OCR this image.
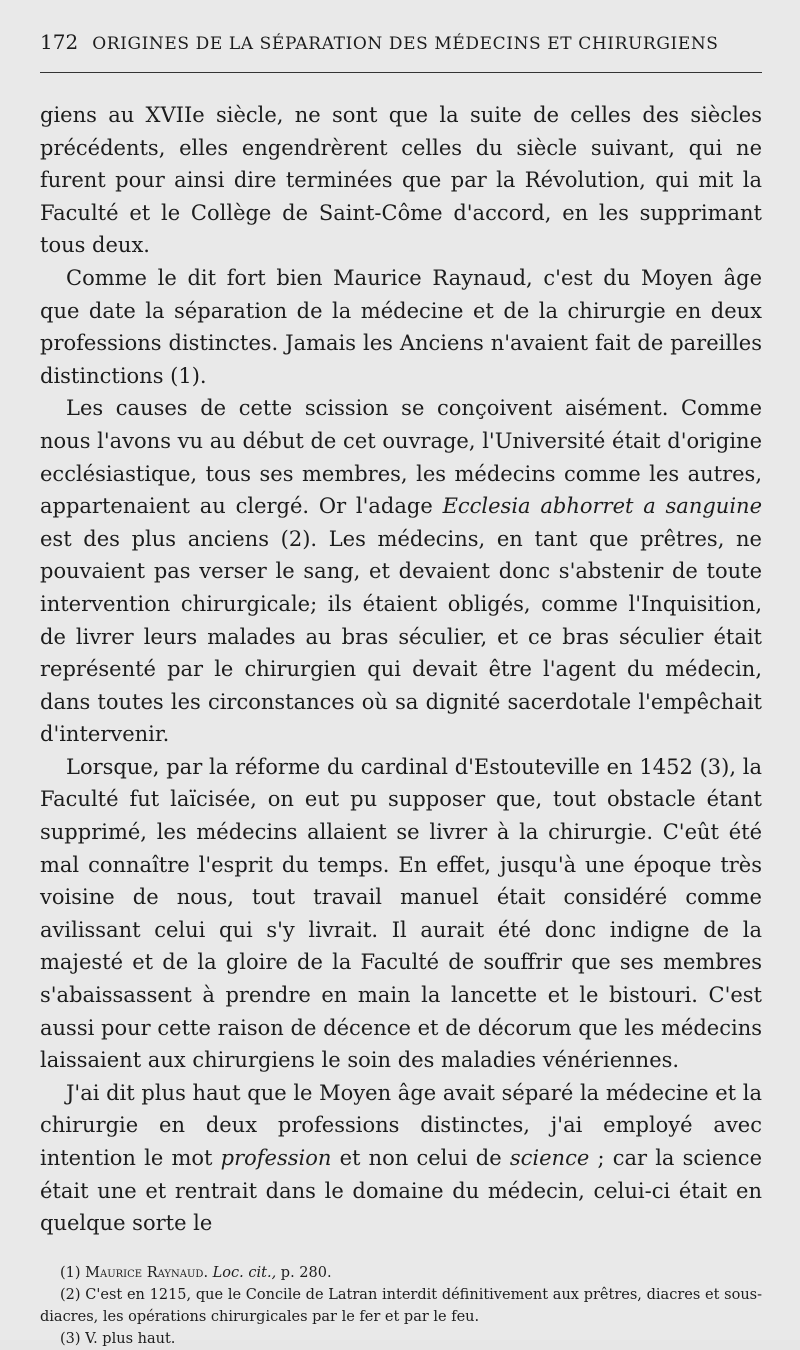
172 ORIGINES DE LA SÉPARATION DES MÉDECINS ET CHIRURGIENS

giens au XVIIe siècle, ne sont que la suite de celles des siècles précédents, elles engendrèrent celles du siècle suivant, qui ne furent pour ainsi dire terminées que par la Révolution, qui mit la Faculté et le Collège de Saint-Côme d'accord, en les supprimant tous deux.

Comme le dit fort bien Maurice Raynaud, c'est du Moyen âge que date la séparation de la médecine et de la chirurgie en deux professions distinctes. Jamais les Anciens n'avaient fait de pareilles distinctions (1).

Les causes de cette scission se conçoivent aisément. Comme nous l'avons vu au début de cet ouvrage, l'Université était d'origine ecclésiastique, tous ses membres, les médecins comme les autres, appartenaient au clergé. Or l'adage Ecclesia abhorret a sanguine est des plus anciens (2). Les médecins, en tant que prêtres, ne pouvaient pas verser le sang, et devaient donc s'abstenir de toute intervention chirurgicale; ils étaient obligés, comme l'Inquisition, de livrer leurs malades au bras séculier, et ce bras séculier était représenté par le chirurgien qui devait être l'agent du médecin, dans toutes les circonstances où sa dignité sacerdotale l'empêchait d'intervenir.

Lorsque, par la réforme du cardinal d'Estouteville en 1452 (3), la Faculté fut laïcisée, on eut pu supposer que, tout obstacle étant supprimé, les médecins allaient se livrer à la chirurgie. C'eût été mal connaître l'esprit du temps. En effet, jusqu'à une époque très voisine de nous, tout travail manuel était considéré comme avilissant celui qui s'y livrait. Il aurait été donc indigne de la majesté et de la gloire de la Faculté de souffrir que ses membres s'abaissassent à prendre en main la lancette et le bistouri. C'est aussi pour cette raison de décence et de décorum que les médecins laissaient aux chirurgiens le soin des maladies vénériennes.

J'ai dit plus haut que le Moyen âge avait séparé la médecine et la chirurgie en deux professions distinctes, j'ai employé avec intention le mot profession et non celui de science ; car la science était une et rentrait dans le domaine du médecin, celui-ci était en quelque sorte le

(1) Maurice Raynaud. Loc. cit., p. 280.

(2) C'est en 1215, que le Concile de Latran interdit définitivement aux prêtres, diacres et sous-diacres, les opérations chirurgicales par le fer et par le feu.

(3) V. plus haut.
